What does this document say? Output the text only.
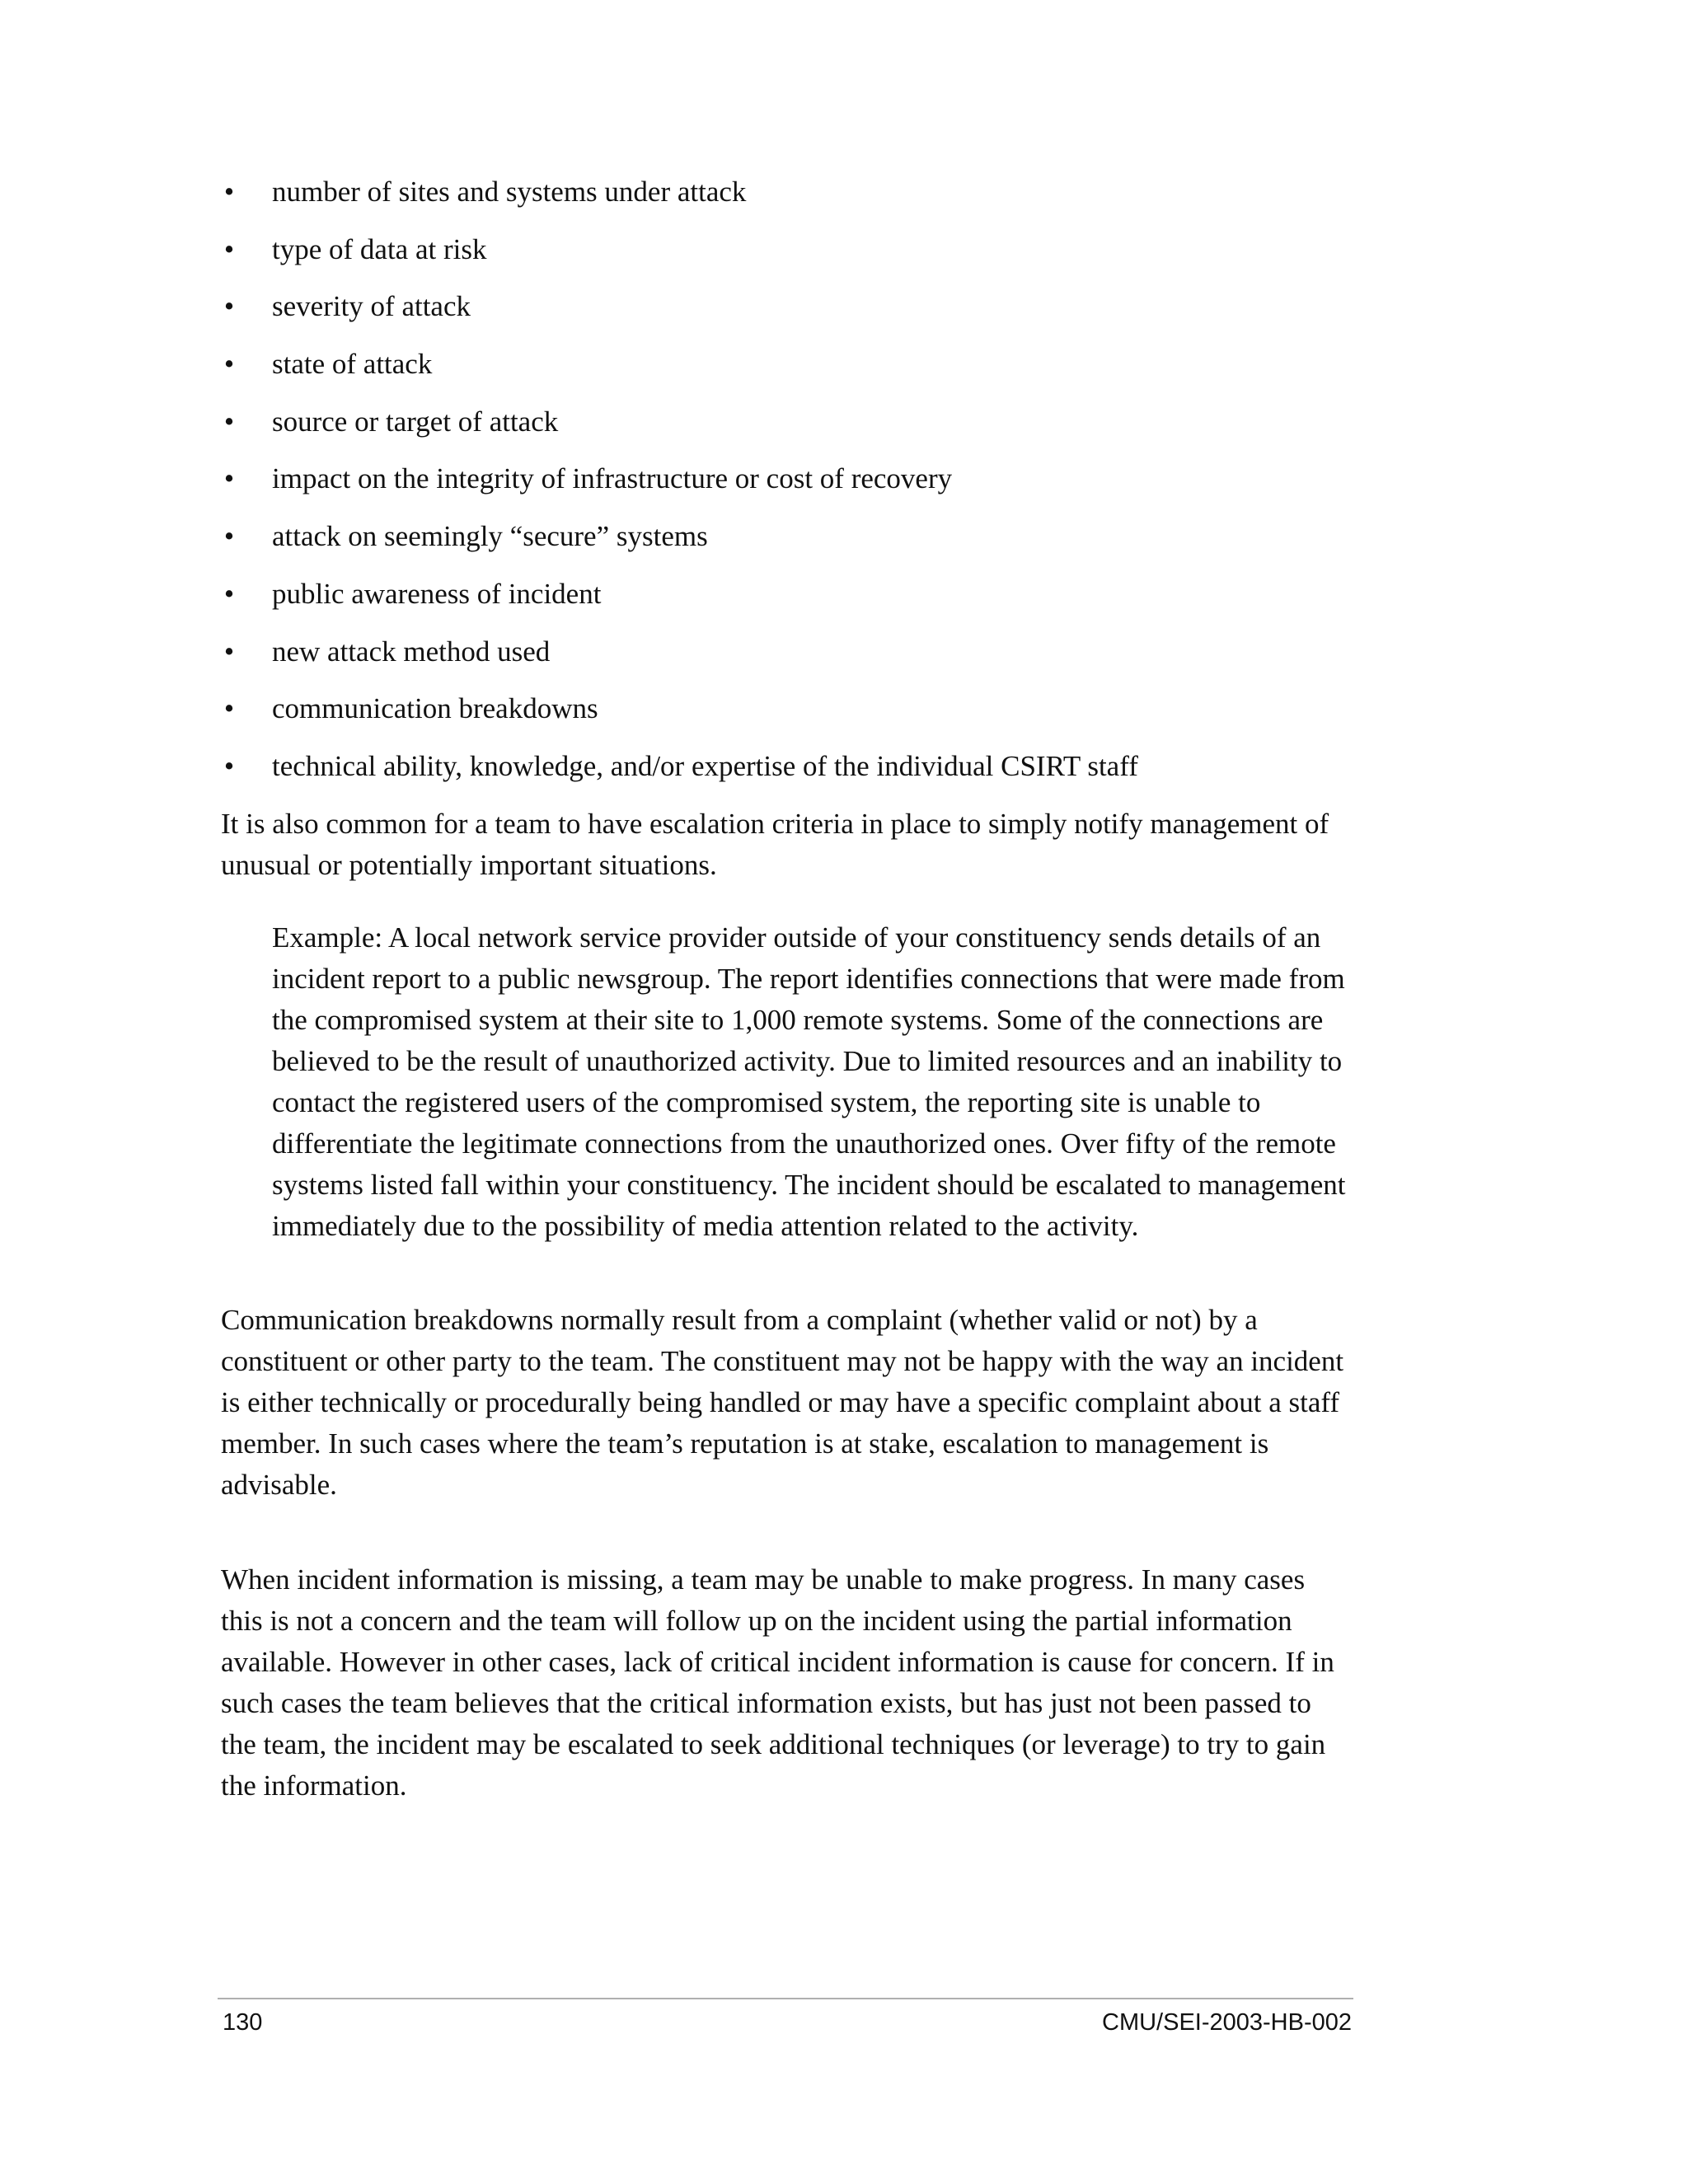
• number of sites and systems under attack
• type of data at risk
• severity of attack
• state of attack
• source or target of attack
• impact on the integrity of infrastructure or cost of recovery
• attack on seemingly “secure” systems
• public awareness of incident
• new attack method used
• communication breakdowns
• technical ability, knowledge, and/or expertise of the individual CSIRT staff

It is also common for a team to have escalation criteria in place to simply notify management of unusual or potentially important situations.

Example: A local network service provider outside of your constituency sends details of an incident report to a public newsgroup. The report identifies connections that were made from the compromised system at their site to 1,000 remote systems. Some of the connections are believed to be the result of unauthorized activity. Due to limited resources and an inability to contact the registered users of the compromised system, the reporting site is unable to differentiate the legitimate connections from the unauthorized ones. Over fifty of the remote systems listed fall within your constituency. The incident should be escalated to management immediately due to the possibility of media attention related to the activity.

Communication breakdowns normally result from a complaint (whether valid or not) by a constituent or other party to the team. The constituent may not be happy with the way an incident is either technically or procedurally being handled or may have a specific complaint about a staff member. In such cases where the team’s reputation is at stake, escalation to management is advisable.

When incident information is missing, a team may be unable to make progress. In many cases this is not a concern and the team will follow up on the incident using the partial information available. However in other cases, lack of critical incident information is cause for concern. If in such cases the team believes that the critical information exists, but has just not been passed to the team, the incident may be escalated to seek additional techniques (or leverage) to try to gain the information.

130	CMU/SEI-2003-HB-002
